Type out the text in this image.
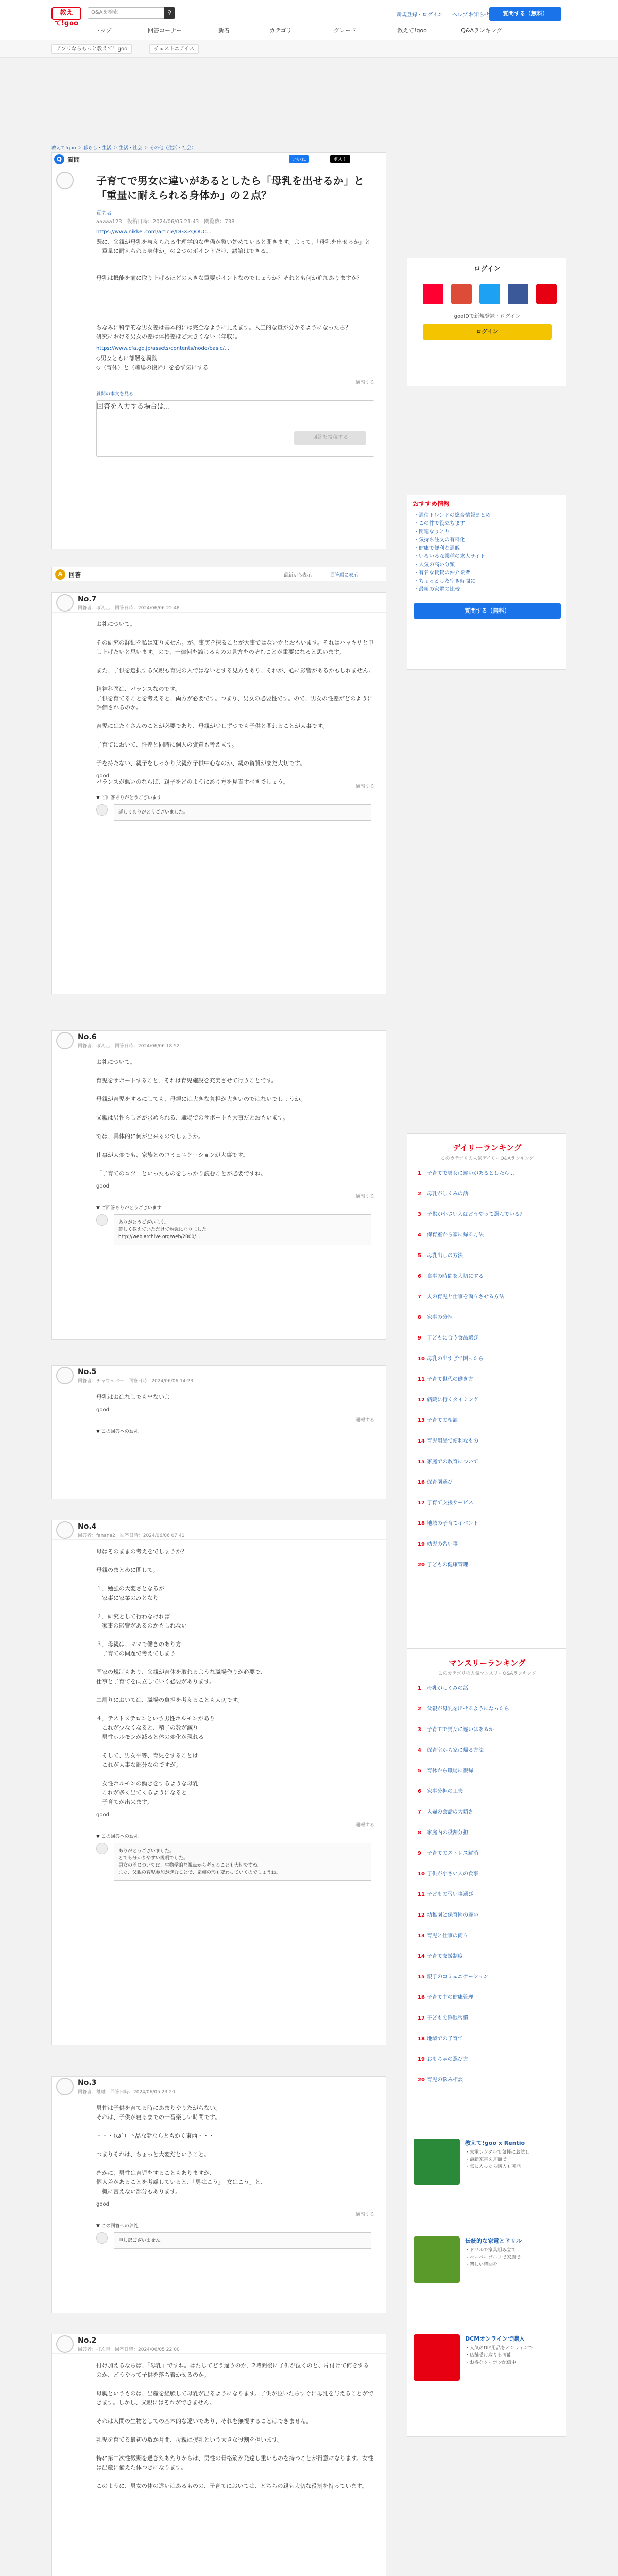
教えて!goo
Q&Aを検索	⚲	新規登録・ログイン ヘルプ お知らせ	質問する（無料）
トップ	回答コーナー	新着	カテゴリ	グレード	教えて!goo	Q&Aランキング
アプリならもっと教えて！goo	チェストニアイス
教えて!goo ＞ 暮らし・生活 ＞ 生活・社会 ＞ その他（生活・社会）
Q 質問	いいね	ポスト
子育てで男女に違いがあるとしたら「母乳を出せるか」と「重量に耐えられる身体か」の２点？
質問者
aaaaa123　投稿日時：2024/06/05 21:43　閲覧数：738
https://www.nikkei.com/article/DGXZQOUC...
既に、父親が母乳を与えられる生理学的な準備が整い始めていると聞きます。よって、「母乳を出せるか」と「重量に耐えられる身体か」の２つのポイントだけ、議論はできる。
母乳は機能を前に取り上げるほどの大きな重要ポイントなのでしょうか？それとも何か追加ありますか？
ちなみに科学的な男女差は基本的には完全なように見えます。人工的な量が分かるようになったら？
研究における男女の差は体格差ほど大きくない（年収）。
https://www.cfa.go.jp/assets/contents/node/basic/...
◇男女ともに部署を異動
◇（育休）と（職場の復帰）を必ず気にする
通報する
質問の本文を見る
回答を入力する場合は...
回答を投稿する
ログイン
gooIDで新規登録・ログイン
ログイン
おすすめ情報
・通信トレンドの総合情報まとめ
・この件で役立ちます
・関連なりとり
・気持ち注文の有料化
・健康で便利な通販
・いろいろな業種の求人サイト
・人気の高い分類
・有名な賃貸の仲介業者
・ちょっとした空き時間に
・最新の家電の比較
質問する（無料）
A 回答	最新から表示	回答順に表示
No.7
回答者：ぽん吉　回答日時：2024/06/06 22:48
お礼について。

その研究の詳細を私は知りません。が、事実を探ることが大事ではないかとおもいます。それはハッキリと申し上げたいと思います。ので、一律何を論じるものの見方をのぞむことが重要になると思います。

また、子供を選択する父親も育児の人ではないとする見方もあり、それが、心に影響があるかもしれません。

精神科医は、バランスなのです。
子供を育てることを考えると、両方が必要です。つまり、男女の必要性です。ので、男女の性差がどのように評価されるのか。

育児にはたくさんのことが必要であり、母親が少しずつでも子供と関わることが大事です。

子育てにおいて、性差と同時に個人の資質も考えます。

子を持たない、親子をしっかり父親が子供中心なのか、親の資質がまだ大切です。

バランスが悪いのならば、親子をどのようにあり方を見直すべきでしょう。
good
通報する
▼ ご回答ありがとうございます
詳しくありがとうございました。
No.6
回答者：ぽん吉　回答日時：2024/06/06 18:52
お礼について。

育児をサポートすること、それは育児施設を充実させて行うことです。

母親が育児をするにしても、母親には大きな負担が大きいのではないでしょうか。

父親は男性らしさが求められる、職場でのサポートも大事だとおもいます。

では、具体的に何が出来るのでしょうか。

仕事が大変でも、家族とのコミュニケーションが大事です。

「子育てのコツ」といったものをしっかり読むことが必要ですね。
good
通報する
▼ ご回答ありがとうございます
ありがとうございます。
詳しく教えていただけて勉強になりました。
http://web.archive.org/web/2000/...
No.5
回答者：チャウェバー　回答日時：2024/06/06 14:23
母乳はおはなしでも出ないよ
good
通報する
▼ この回答へのお礼
No.4
回答者：fanana2　回答日時：2024/06/06 07:41
母はそのままの考えをでしょうか？

母親のまとめに関して。

１．勉強の大変さとなるが
　家事に家業のみとなり

２．研究として行わなければ
　家事の影響があるのかもしれない

３．母親は、ママで働きのあり方
　子育ての問題で考えてしまう

国家の規制もあり、父親が育休を取れるような職場作りが必要で、
仕事と子育てを両立していく必要があります。

二周りにおいては、職場の負担を考えることも大切です。

４．テストステロンという男性ホルモンがあり
　これが少なくなると、精子の数が減り
　男性ホルモンが減ると体の変化が現れる

　そして、男女平等、育児をすることは
　これが大事な部分なのですが。

　女性ホルモンの働きをするような母乳
　これが多く出てくるようになると
　子育てが出来ます。
good
通報する
▼ この回答へのお礼
ありがとうございました。
とても分かりやすい説明でした。
男女の差については、生物学的な視点から考えることも大切ですね。
また、父親の育児参加が進むことで、家族の形も変わっていくのでしょうね。
No.3
回答者：雄雄　回答日時：2024/06/05 23:20
男性は子供を育てる時にあまりやりたがらない。
それは、子供が寝るまでの一番楽しい時間です。

・・・（ω`）下品な話ならともかく東西・・・

つまりそれは、ちょっと大変だということ。

確かに、男性は育児をすることもありますが、
個人差があることを考慮していると、「男はこう」「女はこう」と、
一概に言えない部分もあります。
good
通報する
▼ この回答へのお礼
申し訳ございません。
No.2
回答者：ぽん吉　回答日時：2024/06/05 22:00
付け加えるならば、「母乳」ですね。はたしてどう違うのか、2時間後に子供が泣くのと、片付けて何をするのか、どうやって子供を落ち着かせるのか。

母親というものは、出産を経験して母乳が出るようになります。子供が泣いたらすぐに母乳を与えることができます。しかし、父親にはそれができません。

それは人間の生物としての基本的な違いであり、それを無視することはできません。

乳児を育てる最初の数か月間、母親は授乳という大きな役割を担います。

特に第二次性徴期を過ぎたあたりからは、男性の骨格筋が発達し重いものを持つことが得意になります。女性は出産に備えた体つきになります。

このように、男女の体の違いはあるものの、子育てにおいては、どちらの親も大切な役割を持っています。
デイリーランキング
このカテゴリの人気デイリーQ&Aランキング
1 子育てで男女に違いがあるとしたら...
2 母乳がしくみの話
3 子供が小さい人はどうやって選んでいる？
4 保育室から家に帰る方法
5 母乳出しの方法
6 食事の時間を大切にする
7 夫の育児と仕事を両立させる方法
8 家事の分担
9 子どもに合う食品選び
10 母乳の出すぎで困ったら
11 子育て世代の働き方
12 病院に行くタイミング
13 子育ての相談
14 育児用品で便利なもの
15 家庭での教育について
16 保育園選び
17 子育て支援サービス
18 地域の子育てイベント
19 幼児の習い事
20 子どもの健康管理
マンスリーランキング
このカテゴリの人気マンスリーQ&Aランキング
1 母乳がしくみの話
2 父親が母乳を出せるようになったら
3 子育てで男女に違いはあるか
4 保育室から家に帰る方法
5 育休から職場に復帰
6 家事分担の工夫
7 夫婦の会話の大切さ
8 家庭内の役割分担
9 子育てのストレス解消
10 子供が小さい人の食事
11 子どもの習い事選び
12 幼稚園と保育園の違い
13 育児と仕事の両立
14 子育て支援制度
15 親子のコミュニケーション
16 子育て中の健康管理
17 子どもの睡眠習慣
18 地域での子育て
19 おもちゃの選び方
20 育児の悩み相談
教えて!goo x Rentio
・家電レンタルで気軽にお試し
・最新家電を月額で
・気に入ったら購入も可能
伝統的な家電とドリル
・ドリルで家具組み立て
・ペーパーゴルフで家族で
・楽しい時間を
DCMオンラインで購入
・人気のDIY用品をオンラインで
・店舗受け取りも可能
・お得なクーポン配信中
